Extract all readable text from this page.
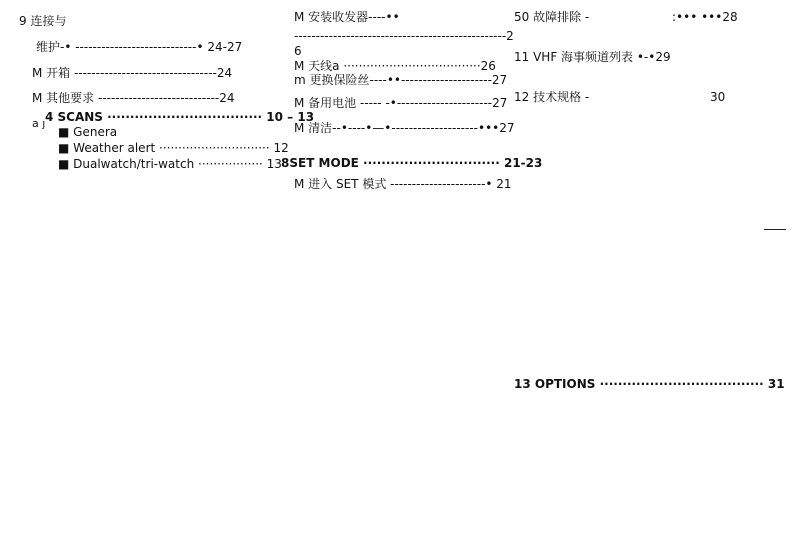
9 连接与
维护-• ----------------------------• 24-27
M 开箱 ---------------------------------24
M 其他要求 ----------------------------24
a ȷ 4 SCANS ·································· 10 – 13
■ Genera
■ Weather alert ····························· 12
■ Dualwatch/tri-watch ················· 13
M 安装收发器----••
-------------------------------------------------2
6
M 天线a ····································26
m 更换保险丝----••---------------------27
M 备用电池 ----- -•----------------------27
M 清洁--•----•—•--------------------•••27
8SET MODE ······························ 21-23
M 进入 SET 模式 ----------------------• 21
50 故障排除 -	:••• •••28
11 VHF 海事频道列表 •-•29
12 技术规格 -	30
13 OPTIONS ···································· 31
